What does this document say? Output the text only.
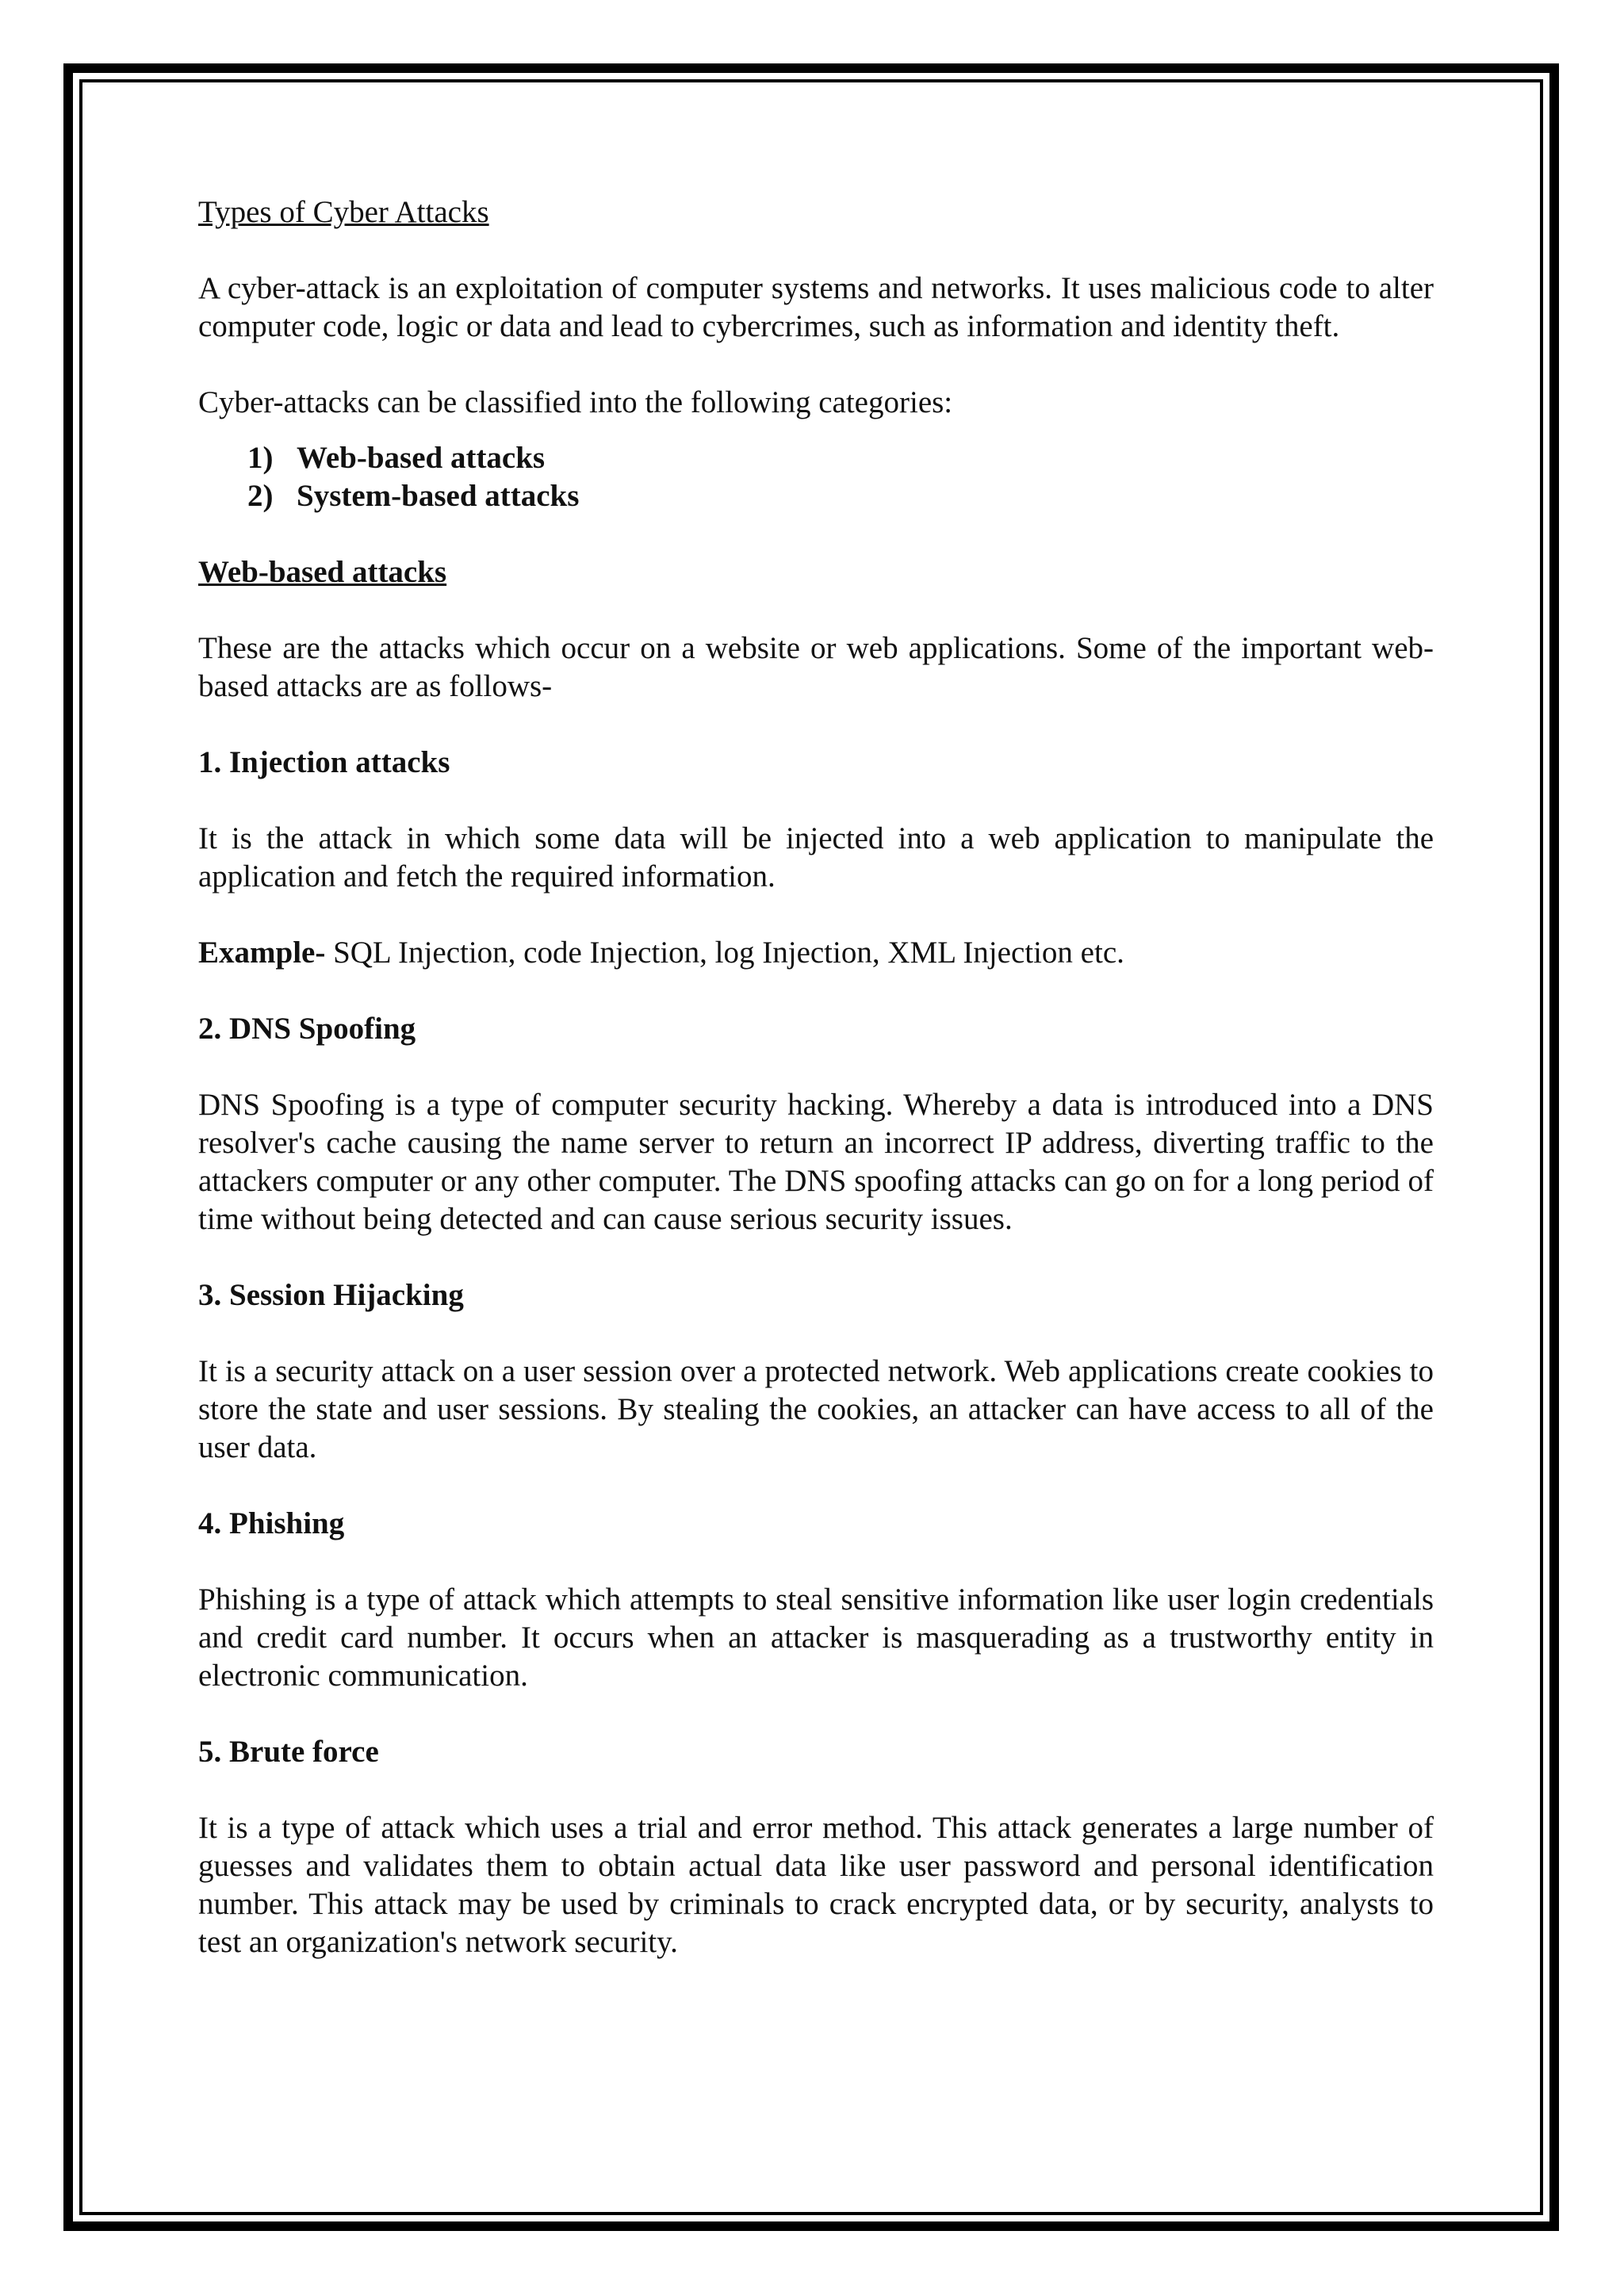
Types of Cyber Attacks

A cyber-attack is an exploitation of computer systems and networks. It uses malicious code to alter computer code, logic or data and lead to cybercrimes, such as information and identity theft.

Cyber-attacks can be classified into the following categories:

1) Web-based attacks
2) System-based attacks
Web-based attacks

These are the attacks which occur on a website or web applications. Some of the important web-based attacks are as follows-

1. Injection attacks

It is the attack in which some data will be injected into a web application to manipulate the application and fetch the required information.

Example- SQL Injection, code Injection, log Injection, XML Injection etc.

2. DNS Spoofing

DNS Spoofing is a type of computer security hacking. Whereby a data is introduced into a DNS resolver's cache causing the name server to return an incorrect IP address, diverting traffic to the attackers computer or any other computer. The DNS spoofing attacks can go on for a long period of time without being detected and can cause serious security issues.

3. Session Hijacking

It is a security attack on a user session over a protected network. Web applications create cookies to store the state and user sessions. By stealing the cookies, an attacker can have access to all of the user data.

4. Phishing

Phishing is a type of attack which attempts to steal sensitive information like user login credentials and credit card number. It occurs when an attacker is masquerading as a trustworthy entity in electronic communication.

5. Brute force

It is a type of attack which uses a trial and error method. This attack generates a large number of guesses and validates them to obtain actual data like user password and personal identification number. This attack may be used by criminals to crack encrypted data, or by security, analysts to test an organization's network security.
